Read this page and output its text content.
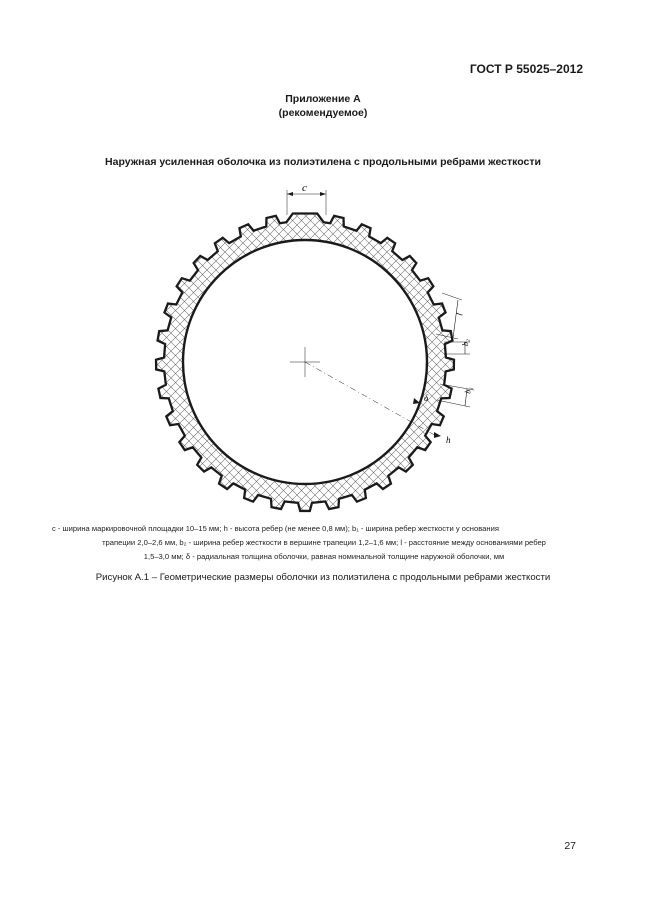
ГОСТ Р 55025–2012
Приложение А
(рекомендуемое)
Наружная усиленная оболочка из полиэтилена с продольными ребрами жесткости
c
l
b₂
b₁
δ
h
c - ширина маркировочной площадки 10–15 мм; h - высота ребер (не менее 0,8 мм); b₁ - ширина ребер жесткости у основания
трапеции 2,0–2,6 мм, b₂ - ширина ребер жесткости в вершине трапеции 1,2–1,6 мм; l - расстояние между основаниями ребер
1,5–3,0 мм; δ - радиальная толщина оболочки, равная номинальной толщине наружной оболочки, мм
Рисунок А.1 – Геометрические размеры оболочки из полиэтилена с продольными ребрами жесткости
27
